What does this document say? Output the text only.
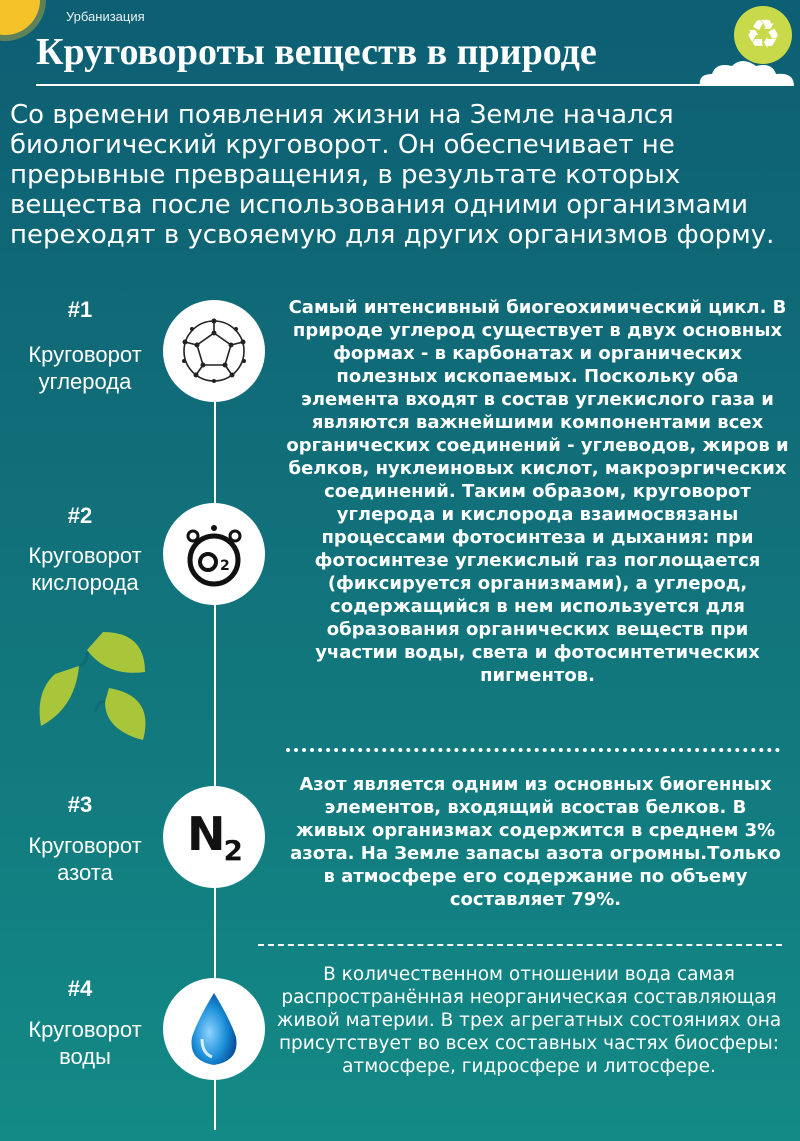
Урбанизация
Круговороты веществ в природе	♻
Со времени появления жизни на Земле начался биологический круговорот. Он обеспечивает не прерывные превращения, в результате которых вещества после использования одними организмами переходят в усвояемую для других организмов форму.
#1
Круговорот углерода
#2
Круговорот кислорода
2
Самый интенсивный биогеохимический цикл. В природе углерод существует в двух основных формах - в карбонатах и органических полезных ископаемых. Поскольку оба элемента входят в состав углекислого газа и являются важнейшими компонентами всех органических соединений - углеводов, жиров и белков, нуклеиновых кислот, макроэргических соединений. Таким образом, круговорот углерода и кислорода взаимосвязаны процессами фотосинтеза и дыхания: при фотосинтезе углекислый газ поглощается (фиксируется организмами), а углерод, содержащийся в нем используется для образования органических веществ при участии воды, света и фотосинтетических пигментов.
#3
Круговорот азота
$N_2$
Азот является одним из основных биогенных элементов, входящий всостав белков. В живых организмах содержится в среднем 3% азота. На Земле запасы азота огромны.Только в атмосфере его содержание по объему составляет 79%.
#4
Круговорот воды
В количественном отношении вода самая распространённая неорганическая составляющая живой материи. В трех агрегатных состояниях она присутствует во всех составных частях биосферы: атмосфере, гидросфере и литосфере.
